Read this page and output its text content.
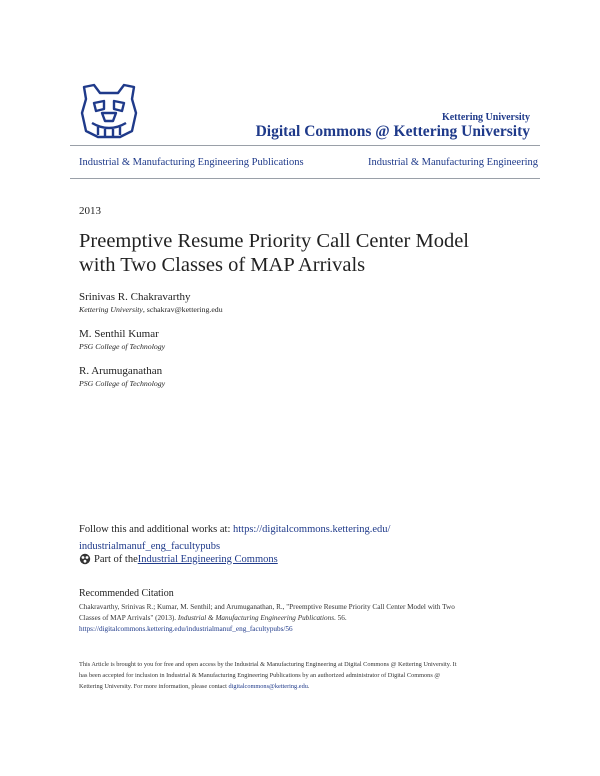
Kettering University
Digital Commons @ Kettering University
Industrial & Manufacturing Engineering Publications	Industrial & Manufacturing Engineering
2013
Preemptive Resume Priority Call Center Model
with Two Classes of MAP Arrivals
Srinivas R. Chakravarthy
Kettering University, schakrav@kettering.edu
M. Senthil Kumar
PSG College of Technology
R. Arumuganathan
PSG College of Technology
Follow this and additional works at: https://digitalcommons.kettering.edu/
industrialmanuf_eng_facultypubs
Part of the Industrial Engineering Commons
Recommended Citation
Chakravarthy, Srinivas R.; Kumar, M. Senthil; and Arumuganathan, R., "Preemptive Resume Priority Call Center Model with Two
Classes of MAP Arrivals" (2013). Industrial & Manufacturing Engineering Publications. 56.
https://digitalcommons.kettering.edu/industrialmanuf_eng_facultypubs/56
This Article is brought to you for free and open access by the Industrial & Manufacturing Engineering at Digital Commons @ Kettering University. It
has been accepted for inclusion in Industrial & Manufacturing Engineering Publications by an authorized administrator of Digital Commons @
Kettering University. For more information, please contact digitalcommons@kettering.edu.
